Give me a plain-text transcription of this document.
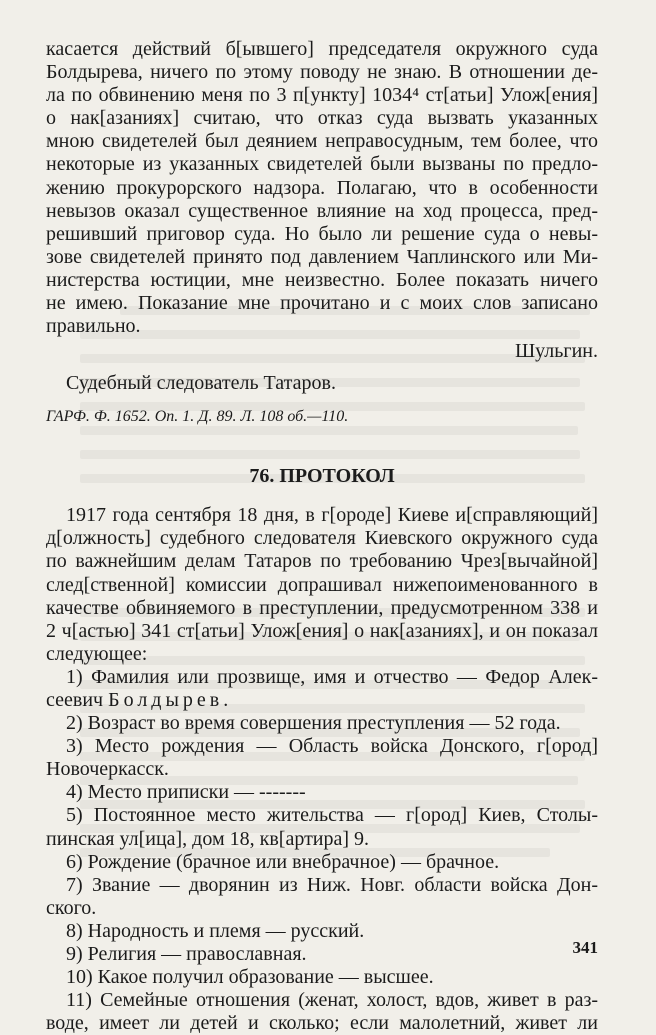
касается действий б[ывшего] председателя окружного суда
Болдырева, ничего по этому поводу не знаю. В отношении де-
ла по обвинению меня по 3 п[ункту] 1034⁴ ст[атьи] Улож[ения]
о нак[азаниях] считаю, что отказ суда вызвать указанных
мною свидетелей был деянием неправосудным, тем более, что
некоторые из указанных свидетелей были вызваны по предло-
жению прокурорского надзора. Полагаю, что в особенности
невызов оказал существенное влияние на ход процесса, пред-
решивший приговор суда. Но было ли решение суда о невы-
зове свидетелей принято под давлением Чаплинского или Ми-
нистерства юстиции, мне неизвестно. Более показать ничего
не имею. Показание мне прочитано и с моих слов записано
правильно.
Шульгин.
Судебный следователь Татаров.
ГАРФ. Ф. 1652. Оп. 1. Д. 89. Л. 108 об.—110.
76. ПРОТОКОЛ
1917 года сентября 18 дня, в г[ороде] Киеве и[справляющий]
д[олжность] судебного следователя Киевского окружного суда
по важнейшим делам Татаров по требованию Чрез[вычайной]
след[ственной] комиссии допрашивал нижепоименованного в
качестве обвиняемого в преступлении, предусмотренном 338 и
2 ч[астью] 341 ст[атьи] Улож[ения] о нак[азаниях], и он показал
следующее:
1) Фамилия или прозвище, имя и отчество — Федор Алек-
сеевич Болдырев.
2) Возраст во время совершения преступления — 52 года.
3) Место рождения — Область войска Донского, г[ород]
Новочеркасск.
4) Место приписки — -------
5) Постоянное место жительства — г[ород] Киев, Столы-
пинская ул[ица], дом 18, кв[артира] 9.
6) Рождение (брачное или внебрачное) — брачное.
7) Звание — дворянин из Ниж. Новг. области войска Дон-
ского.
8) Народность и племя — русский.
9) Религия — православная.
10) Какое получил образование — высшее.
11) Семейные отношения (женат, холост, вдов, живет в раз-
воде, имеет ли детей и сколько; если малолетний, живет ли
341
